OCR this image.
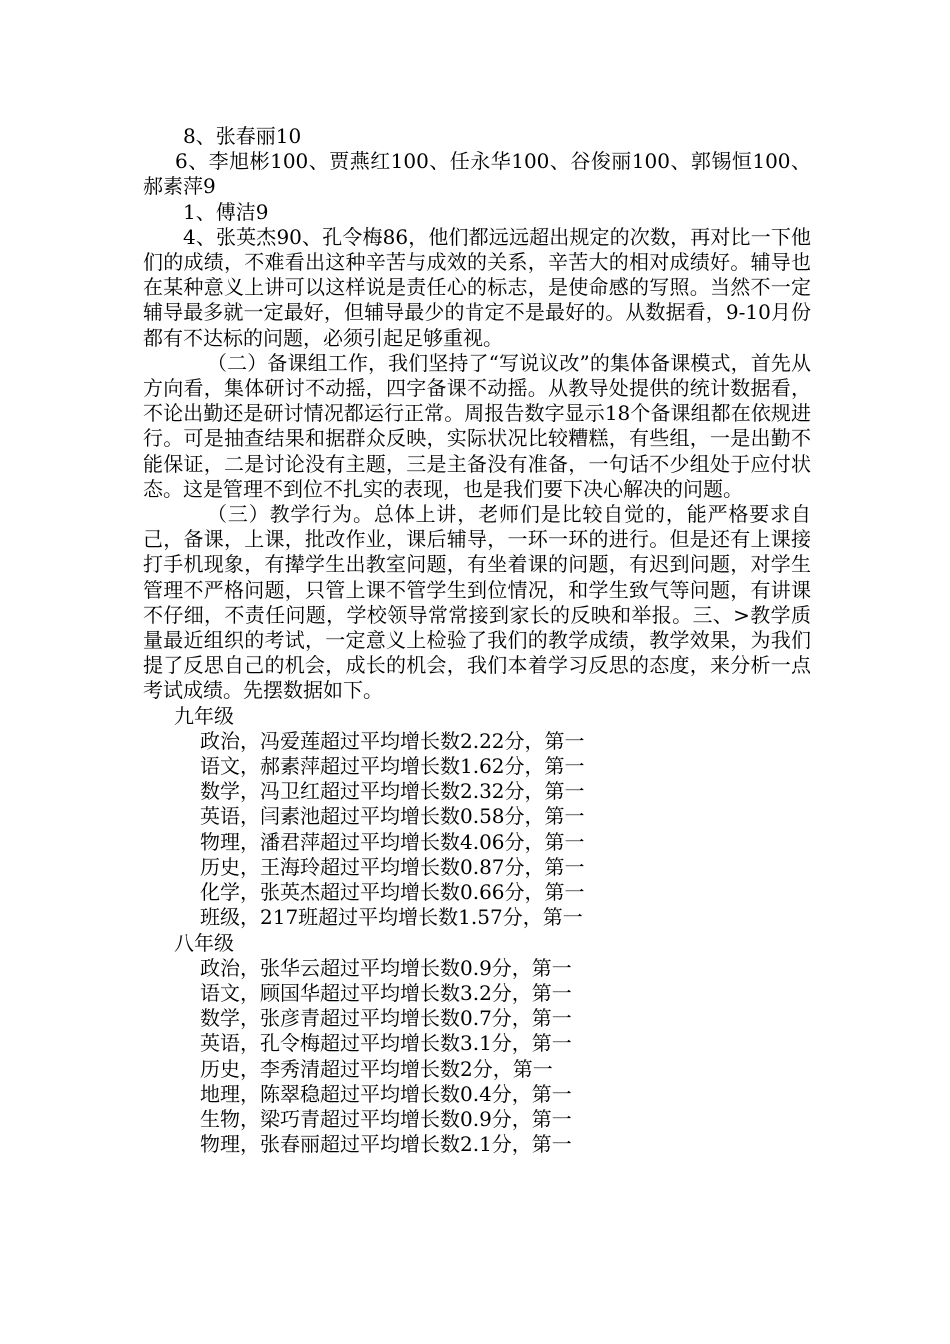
8、张春丽10

6、李旭彬100、贾燕红100、任永华100、谷俊丽100、郭锡恒100、郝素萍9

1、傅洁9

4、张英杰90、孔令梅86，他们都远远超出规定的次数，再对比一下他们的成绩，不难看出这种辛苦与成效的关系，辛苦大的相对成绩好。辅导也在某种意义上讲可以这样说是责任心的标志，是使命感的写照。当然不一定辅导最多就一定最好，但辅导最少的肯定不是最好的。从数据看，9-10月份都有不达标的问题，必须引起足够重视。

（二）备课组工作，我们坚持了“写说议改”的集体备课模式，首先从方向看，集体研讨不动摇，四字备课不动摇。从教导处提供的统计数据看，不论出勤还是研讨情况都运行正常。周报告数字显示18个备课组都在依规进行。可是抽查结果和据群众反映，实际状况比较糟糕，有些组，一是出勤不能保证，二是讨论没有主题，三是主备没有准备，一句话不少组处于应付状态。这是管理不到位不扎实的表现，也是我们要下决心解决的问题。

（三）教学行为。总体上讲，老师们是比较自觉的，能严格要求自己，备课，上课，批改作业，课后辅导，一环一环的进行。但是还有上课接打手机现象，有撵学生出教室问题，有坐着课的问题，有迟到问题，对学生管理不严格问题，只管上课不管学生到位情况，和学生致气等问题，有讲课不仔细，不责任问题，学校领导常常接到家长的反映和举报。三、>教学质量最近组织的考试，一定意义上检验了我们的教学成绩，教学效果，为我们提了反思自己的机会，成长的机会，我们本着学习反思的态度，来分析一点考试成绩。先摆数据如下。

九年级

政治，冯爱莲超过平均增长数2.22分，第一
语文，郝素萍超过平均增长数1.62分，第一
数学，冯卫红超过平均增长数2.32分，第一
英语，闫素池超过平均增长数0.58分，第一
物理，潘君萍超过平均增长数4.06分，第一
历史，王海玲超过平均增长数0.87分，第一
化学，张英杰超过平均增长数0.66分，第一
班级，217班超过平均增长数1.57分，第一

八年级

政治，张华云超过平均增长数0.9分，第一
语文，顾国华超过平均增长数3.2分，第一
数学，张彦青超过平均增长数0.7分，第一
英语，孔令梅超过平均增长数3.1分，第一
历史，李秀清超过平均增长数2分，第一
地理，陈翠稳超过平均增长数0.4分，第一
生物，梁巧青超过平均增长数0.9分，第一
物理，张春丽超过平均增长数2.1分，第一
